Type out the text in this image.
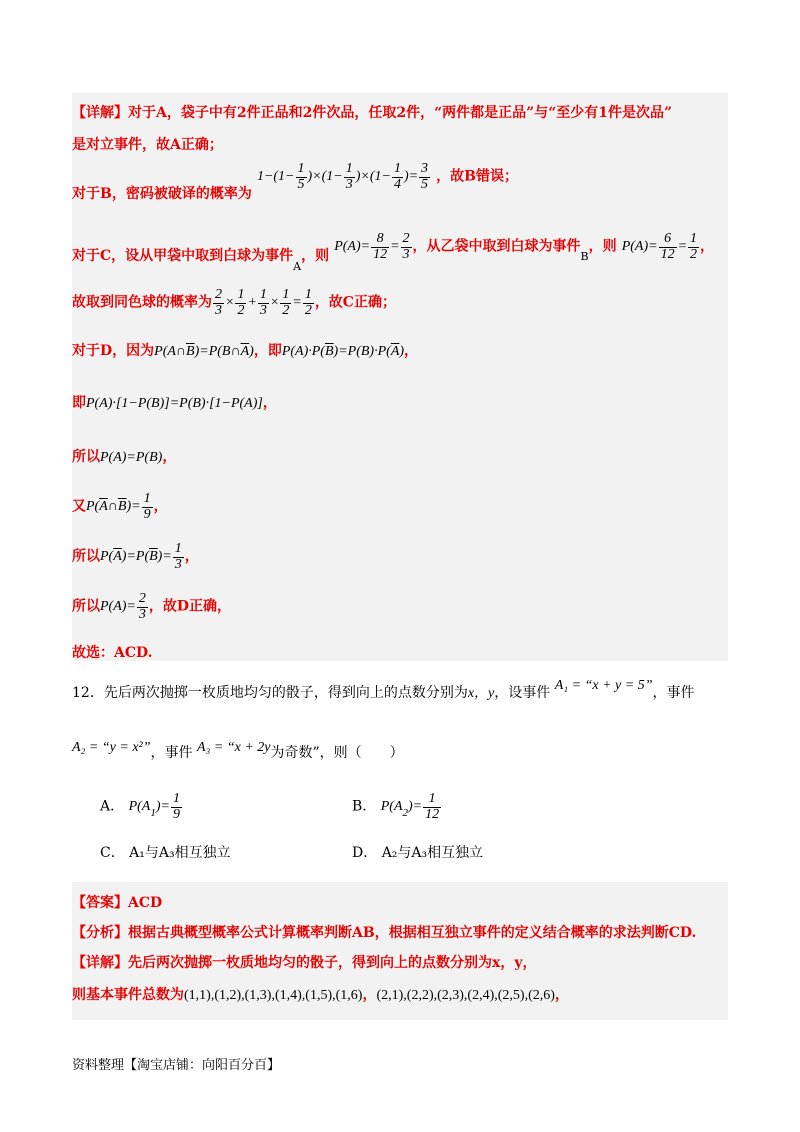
【详解】对于A，袋子中有2件正品和2件次品，任取2件，“两件都是正品”与“至少有1件是次品”
是对立事件，故A正确；
对于B，密码被破译的概率为 $1-(1- \frac{1}{5} )\times(1- \frac{1}{3} )\times(1- \frac{1}{4}$ )= $\frac{3}{5}$ ，故B错误；
对于C，设从甲袋中取到白球为事件$_A$，则 $P(A)= \frac{8}{12} = \frac{2}{3}$ ，从乙袋中取到白球为事件$_B$，则 $P(A)= \frac{6}{12} = \frac{1}{2}$ ，
故取到同色球的概率为 $\frac{2}{3} \times \frac{1}{2} + \frac{1}{3} \times \frac{1}{2} = \frac{1}{2}$ ，故C正确；
对于D，因为$P(A\cap\overline{B})=P(B\cap\overline{A})$，即$P(A)\cdot P(\overline{B})=P(B)\cdot P(\overline{A})$，
即P(A)·[1−P(B)]=P(B)·[1−P(A)]，
所以P(A)=P(B)，
又$P(\overline{A}\cap\overline{B})= \frac{1}{9}$ ，
所以$P(\overline{A})=P(\overline{B})= \frac{1}{3}$ ，
所以$P(A)= \frac{2}{3}$ ，故D正确，
故选：ACD.
12．先后两次抛掷一枚质地均匀的骰子，得到向上的点数分别为x，y，设事件 A₁ = “x + y = 5”，事件
A₂ = “y = x²”，事件 A₃ = “x + 2y为奇数”，则（　　）
A． $P(A_1)= \frac{1}{9}$	B． $P(A_2)= \frac{1}{12}$
C． A₁与A₃相互独立	D． A₂与A₃相互独立
【答案】ACD
【分析】根据古典概型概率公式计算概率判断AB，根据相互独立事件的定义结合概率的求法判断CD.
【详解】先后两次抛掷一枚质地均匀的骰子，得到向上的点数分别为x，y，
则基本事件总数为(1,1),(1,2),(1,3),(1,4),(1,5),(1,6)，(2,1),(2,2),(2,3),(2,4),(2,5),(2,6)，
资料整理【淘宝店铺：向阳百分百】
